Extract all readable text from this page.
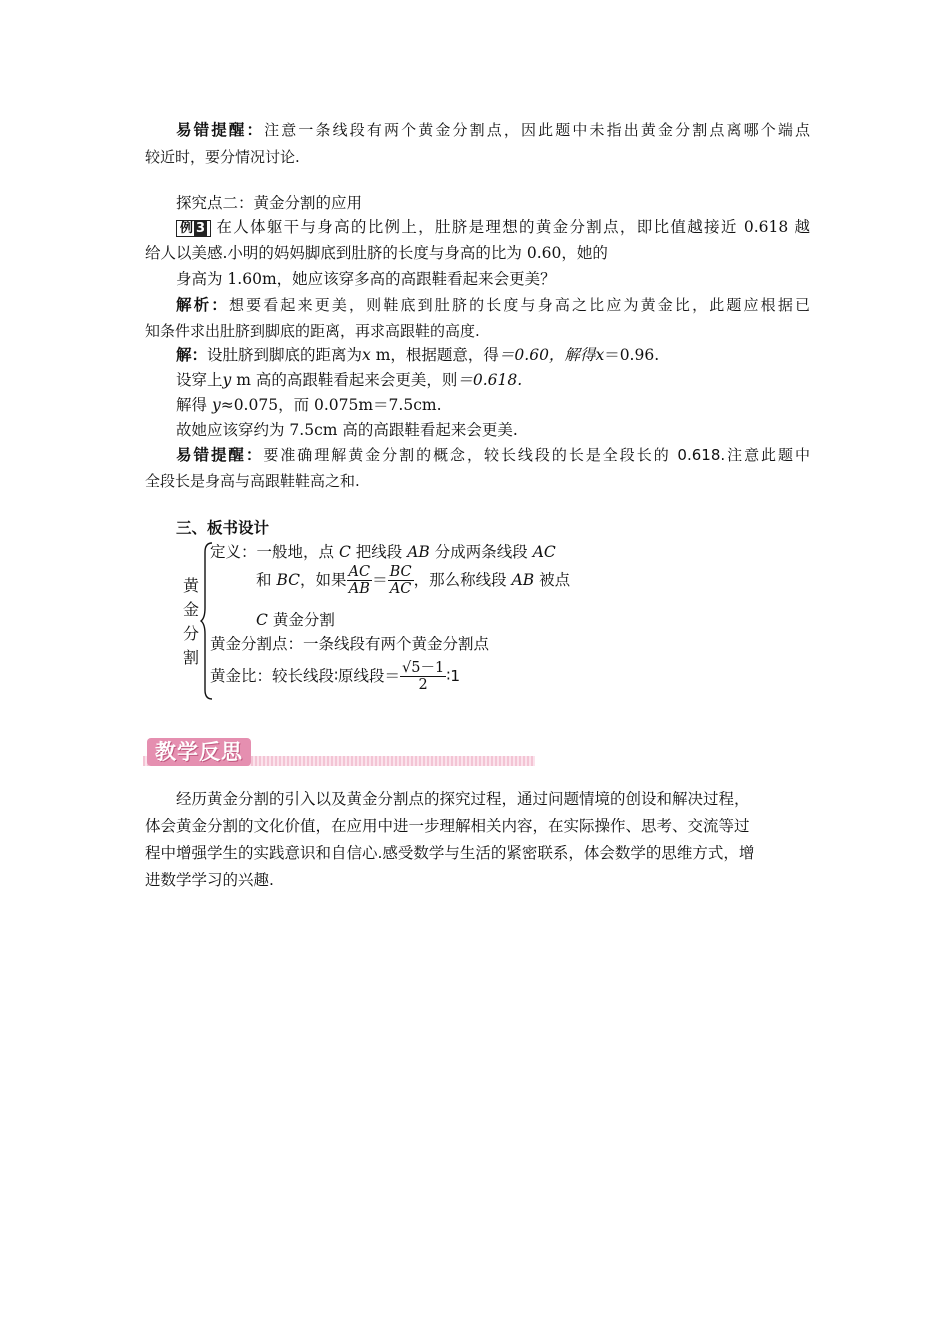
易错提醒：注意一条线段有两个黄金分割点，因此题中未指出黄金分割点离哪个端点
较近时，要分情况讨论.
探究点二：黄金分割的应用
例 3 在人体躯干与身高的比例上，肚脐是理想的黄金分割点，即比值越接近 0.618 越
给人以美感.小明的妈妈脚底到肚脐的长度与身高的比为 0.60，她的
身高为 1.60m，她应该穿多高的高跟鞋看起来会更美？
解析：想要看起来更美，则鞋底到肚脐的长度与身高之比应为黄金比，此题应根据已
知条件求出肚脐到脚底的距离，再求高跟鞋的高度.
解：设肚脐到脚底的距离为x m，根据题意，得＝0.60，解得x＝0.96.
设穿上y m 高的高跟鞋看起来会更美，则＝0.618.
解得 y≈0.075，而 0.075m＝7.5cm.
故她应该穿约为 7.5cm 高的高跟鞋看起来会更美.
易错提醒：要准确理解黄金分割的概念，较长线段的长是全段长的 0.618.注意此题中
全段长是身高与高跟鞋鞋高之和.
三、板书设计
黄
金
分
割
定义：一般地，点 C 把线段 AB 分成两条线段 AC
和 BC，如果 $\frac{AC}{AB} = \frac{BC}{AC}$ ，那么称线段 AB 被点
C 黄金分割
黄金分割点：一条线段有两个黄金分割点
黄金比：较长线段∶原线段＝ $\frac{√5-1}{2}$ ∶1
教学反思
经历黄金分割的引入以及黄金分割点的探究过程，通过问题情境的创设和解决过程，
体会黄金分割的文化价值，在应用中进一步理解相关内容，在实际操作、思考、交流等过
程中增强学生的实践意识和自信心.感受数学与生活的紧密联系，体会数学的思维方式，增
进数学学习的兴趣.
